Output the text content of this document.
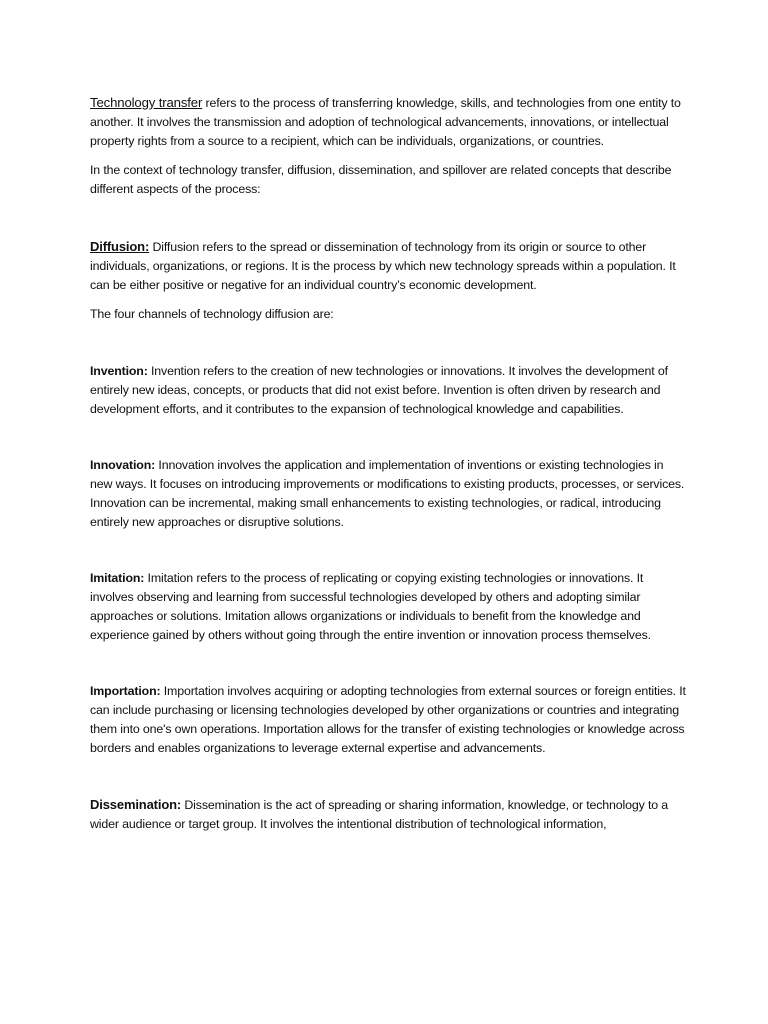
Technology transfer refers to the process of transferring knowledge, skills, and technologies from one entity to another. It involves the transmission and adoption of technological advancements, innovations, or intellectual property rights from a source to a recipient, which can be individuals, organizations, or countries.

In the context of technology transfer, diffusion, dissemination, and spillover are related concepts that describe different aspects of the process:

Diffusion: Diffusion refers to the spread or dissemination of technology from its origin or source to other individuals, organizations, or regions. It is the process by which new technology spreads within a population. It can be either positive or negative for an individual country’s economic development.

The four channels of technology diffusion are:

Invention: Invention refers to the creation of new technologies or innovations. It involves the development of entirely new ideas, concepts, or products that did not exist before. Invention is often driven by research and development efforts, and it contributes to the expansion of technological knowledge and capabilities.

Innovation: Innovation involves the application and implementation of inventions or existing technologies in new ways. It focuses on introducing improvements or modifications to existing products, processes, or services. Innovation can be incremental, making small enhancements to existing technologies, or radical, introducing entirely new approaches or disruptive solutions.

Imitation: Imitation refers to the process of replicating or copying existing technologies or innovations. It involves observing and learning from successful technologies developed by others and adopting similar approaches or solutions. Imitation allows organizations or individuals to benefit from the knowledge and experience gained by others without going through the entire invention or innovation process themselves.

Importation: Importation involves acquiring or adopting technologies from external sources or foreign entities. It can include purchasing or licensing technologies developed by other organizations or countries and integrating them into one's own operations. Importation allows for the transfer of existing technologies or knowledge across borders and enables organizations to leverage external expertise and advancements.

Dissemination: Dissemination is the act of spreading or sharing information, knowledge, or technology to a wider audience or target group. It involves the intentional distribution of technological information,
